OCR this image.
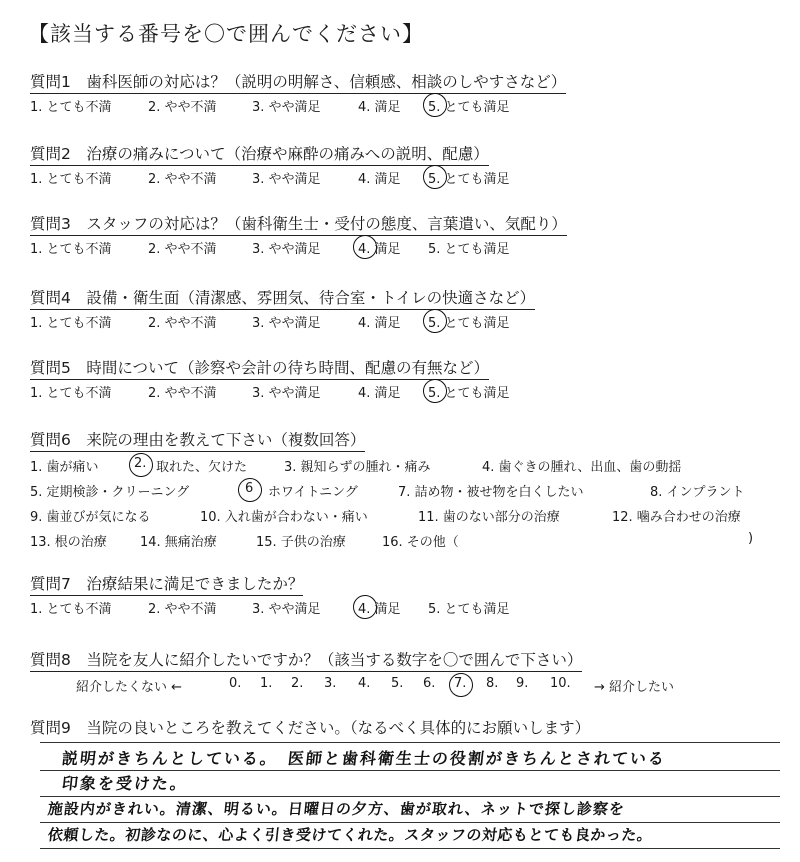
【該当する番号を〇で囲んでください】
質問1　歯科医師の対応は？（説明の明解さ、信頼感、相談のしやすさなど）
1. とても不満	2. やや不満	3. やや満足	4. 満足 5. とても満足
質問2　治療の痛みについて（治療や麻酔の痛みへの説明、配慮）
1. とても不満	2. やや不満	3. やや満足	4. 満足 5. とても満足
質問3　スタッフの対応は？（歯科衛生士・受付の態度、言葉遣い、気配り）
1. とても不満	2. やや不満	3. やや満足	4. 満足 5. とても満足
質問4　設備・衛生面（清潔感、雰囲気、待合室・トイレの快適さなど）
1. とても不満	2. やや不満	3. やや満足	4. 満足 5. とても満足
質問5　時間について（診察や会計の待ち時間、配慮の有無など）
1. とても不満	2. やや不満	3. やや満足	4. 満足 5. とても満足
質問6　来院の理由を教えて下さい（複数回答）
1. 歯が痛い	2. 取れた、欠けた	3. 親知らずの腫れ・痛み	4. 歯ぐきの腫れ、出血、歯の動揺
5. 定期検診・クリーニング	6 ホワイトニング	7. 詰め物・被せ物を白くしたい	8. インプラント
9. 歯並びが気になる	10. 入れ歯が合わない・痛い	11. 歯のない部分の治療	12. 噛み合わせの治療
13. 根の治療	14. 無痛治療	15. 子供の治療	16. その他（	)
質問7　治療結果に満足できましたか？
1. とても不満	2. やや不満	3. やや満足	4. 満足 5. とても満足
質問8　当院を友人に紹介したいですか？（該当する数字を〇で囲んで下さい）
紹介したくない ←	0. 1. 2. 3. 4. 5. 6. 7. 8. 9. 10. → 紹介したい
質問9　当院の良いところを教えてください。（なるべく具体的にお願いします）
説明がきちんとしている。　医師と歯科衛生士の役割がきちんとされている
印象を受けた。
施設内がきれい。清潔、明るい。日曜日の夕方、歯が取れ、ネットで探し診察を
依頼した。初診なのに、心よく引き受けてくれた。スタッフの対応もとても良かった。
